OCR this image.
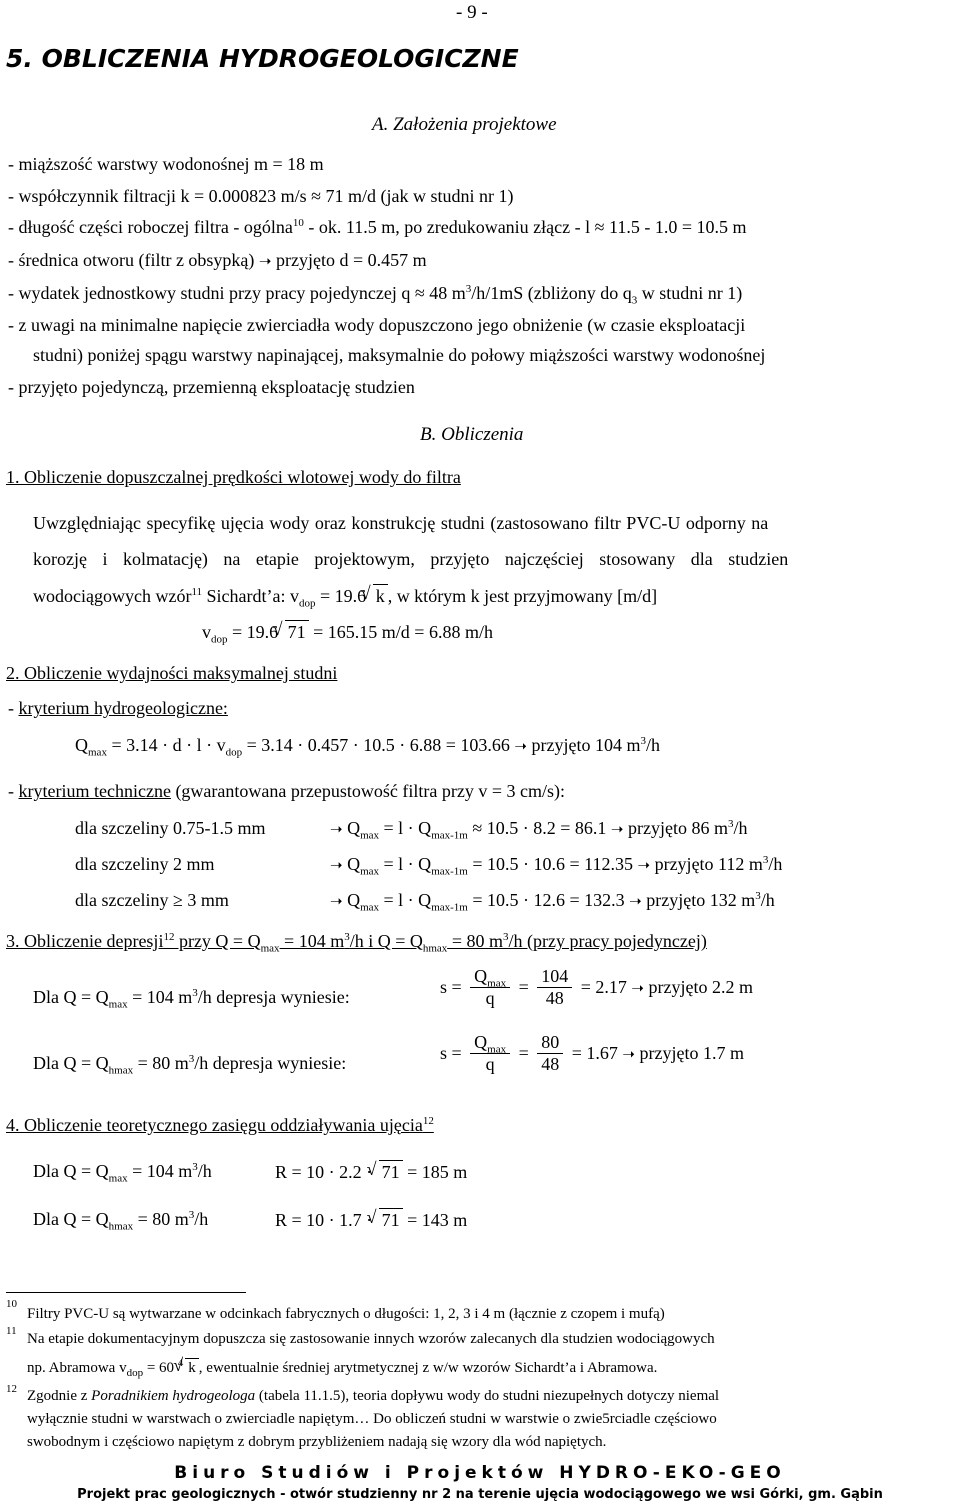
- 9 -
5. OBLICZENIA HYDROGEOLOGICZNE
A. Założenia projektowe
- miąższość warstwy wodonośnej m = 18 m
- współczynnik filtracji k = 0.000823 m/s ≈ 71 m/d (jak w studni nr 1)
- długość części roboczej filtra - ogólna$^{10}$ - ok. 11.5 m, po zredukowaniu złącz - l ≈ 11.5 - 1.0 = 10.5 m
- średnica otworu (filtr z obsypką) ➝ przyjęto d = 0.457 m
- wydatek jednostkowy studni przy pracy pojedynczej q ≈ 48 $m^3/h/1mS$ (zbliżony do $q_3$ w studni nr 1)
- z uwagi na minimalne napięcie zwierciadła wody dopuszczono jego obniżenie (w czasie eksploatacji
studni) poniżej spągu warstwy napinającej, maksymalnie do połowy miąższości warstwy wodonośnej
- przyjęto pojedynczą, przemienną eksploatację studzien
B. Obliczenia
1. Obliczenie dopuszczalnej prędkości wlotowej wody do filtra
Uwzględniając specyfikę ujęcia wody oraz konstrukcję studni (zastosowano filtr PVC-U odporny na
korozję i kolmatację) na etapie projektowym, przyjęto najczęściej stosowany dla studzien
wodociągowych wzór$^{11}$ Sichardt’a: $v_{dop} = 19.6$ √ k , w którym k jest przyjmowany [m/d]
$v_{dop} = 19.6$ √ 71 = 165.15 m/d = 6.88 m/h
2. Obliczenie wydajności maksymalnej studni
- kryterium hydrogeologiczne:
$Q_{max} = 3.14 \cdot d \cdot l \cdot v_{dop} = 3.14 \cdot 0.457 \cdot 10.5 \cdot 6.88 = 103.66$ ➝ przyjęto 104 $m^3/h$
- kryterium techniczne (gwarantowana przepustowość filtra przy v = 3 cm/s):
dla szczeliny 0.75-1.5 mm	➝ $Q_{max} = l \cdot Q_{max-1m} \approx 10.5 \cdot 8.2 = 86.1$ ➝ przyjęto 86 $m^3/h$
dla szczeliny 2 mm	➝ $Q_{max} = l \cdot Q_{max-1m} = 10.5 \cdot 10.6 = 112.35$ ➝ przyjęto 112 $m^3/h$
dla szczeliny ≥ 3 mm	➝ $Q_{max} = l \cdot Q_{max-1m} = 10.5 \cdot 12.6 = 132.3$ ➝ przyjęto 132 $m^3/h$
3. Obliczenie depresji$^{12}$ przy $Q = Q_{max} = 104$ $m^3/h$ i $Q = Q_{hmax} = 80$ $m^3/h$ (przy pracy pojedynczej)
Dla $Q = Q_{max} = 104$ $m^3/h$ depresja wyniesie:	$s = \frac{Q_{max}}{q} = \frac{104}{48} = 2.17$ ➝ przyjęto 2.2 m
Dla $Q = Q_{hmax} = 80$ $m^3/h$ depresja wyniesie:	$s = \frac{Q_{max}}{q} = \frac{80}{48} = 1.67$ ➝ przyjęto 1.7 m
4. Obliczenie teoretycznego zasięgu oddziaływania ujęcia$^{12}$
Dla $Q = Q_{max} = 104$ $m^3/h$	R = 10 · 2.2 · √ 71 = 185 m
Dla $Q = Q_{hmax} = 80$ $m^3/h$	R = 10 · 1.7 · √ 71 = 143 m
10
Filtry PVC-U są wytwarzane w odcinkach fabrycznych o długości: 1, 2, 3 i 4 m (łącznie z czopem i mufą)
11 Na etapie dokumentacyjnym dopuszcza się zastosowanie innych wzorów zalecanych dla studzien wodociągowych
np. Abramowa $v_{dop} = 60$ $^4$ √ k , ewentualnie średniej arytmetycznej z w/w wzorów Sichardt’a i Abramowa.
12 Zgodnie z Poradnikiem hydrogeologa (tabela 11.1.5), teoria dopływu wody do studni niezupełnych dotyczy niemal
wyłącznie studni w warstwach o zwierciadle napiętym… Do obliczeń studni w warstwie o zwie5rciadle częściowo
swobodnym i częściowo napiętym z dobrym przybliżeniem nadają się wzory dla wód napiętych.
Biuro Studiów i Projektów HYDRO-EKO-GEO
Projekt prac geologicznych - otwór studzienny nr 2 na terenie ujęcia wodociągowego we wsi Górki, gm. Gąbin
